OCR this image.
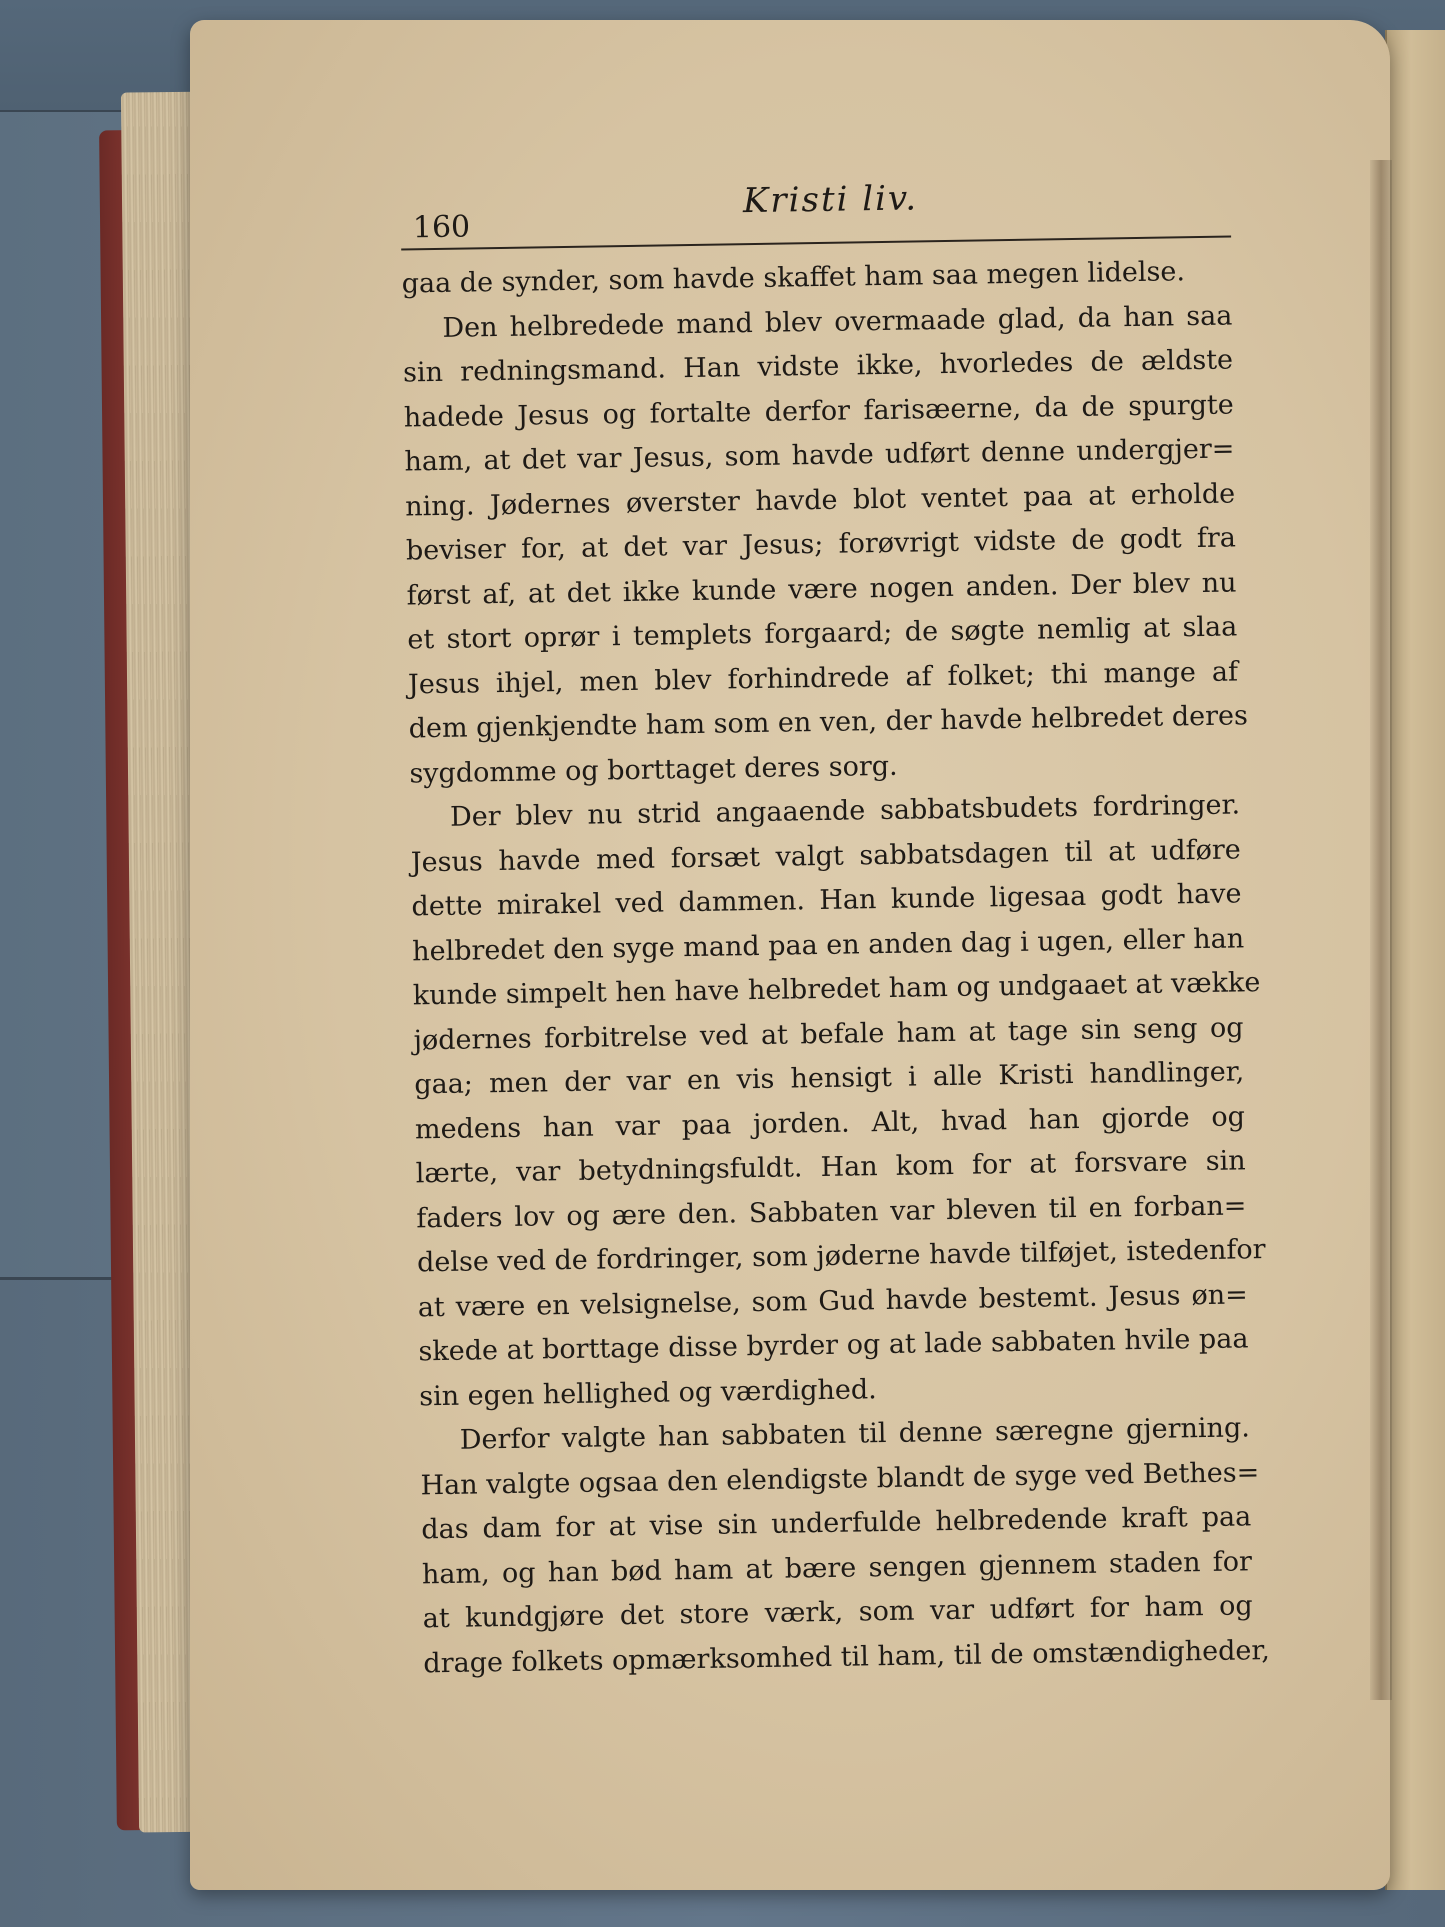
160
Kristi liv.
gaa de synder, som havde skaffet ham saa megen lidelse.
Den helbredede mand blev overmaade glad, da han saa
sin redningsmand. Han vidste ikke, hvorledes de ældste
hadede Jesus og fortalte derfor farisæerne, da de spurgte
ham, at det var Jesus, som havde udført denne undergjer=
ning. Jødernes øverster havde blot ventet paa at erholde
beviser for, at det var Jesus; forøvrigt vidste de godt fra
først af, at det ikke kunde være nogen anden. Der blev nu
et stort oprør i templets forgaard; de søgte nemlig at slaa
Jesus ihjel, men blev forhindrede af folket; thi mange af
dem gjenkjendte ham som en ven, der havde helbredet deres
sygdomme og borttaget deres sorg.
Der blev nu strid angaaende sabbatsbudets fordringer.
Jesus havde med forsæt valgt sabbatsdagen til at udføre
dette mirakel ved dammen. Han kunde ligesaa godt have
helbredet den syge mand paa en anden dag i ugen, eller han
kunde simpelt hen have helbredet ham og undgaaet at vække
jødernes forbitrelse ved at befale ham at tage sin seng og
gaa; men der var en vis hensigt i alle Kristi handlinger,
medens han var paa jorden. Alt, hvad han gjorde og
lærte, var betydningsfuldt. Han kom for at forsvare sin
faders lov og ære den. Sabbaten var bleven til en forban=
delse ved de fordringer, som jøderne havde tilføjet, istedenfor
at være en velsignelse, som Gud havde bestemt. Jesus øn=
skede at borttage disse byrder og at lade sabbaten hvile paa
sin egen hellighed og værdighed.
Derfor valgte han sabbaten til denne særegne gjerning.
Han valgte ogsaa den elendigste blandt de syge ved Bethes=
das dam for at vise sin underfulde helbredende kraft paa
ham, og han bød ham at bære sengen gjennem staden for
at kundgjøre det store værk, som var udført for ham og
drage folkets opmærksomhed til ham, til de omstændigheder,
